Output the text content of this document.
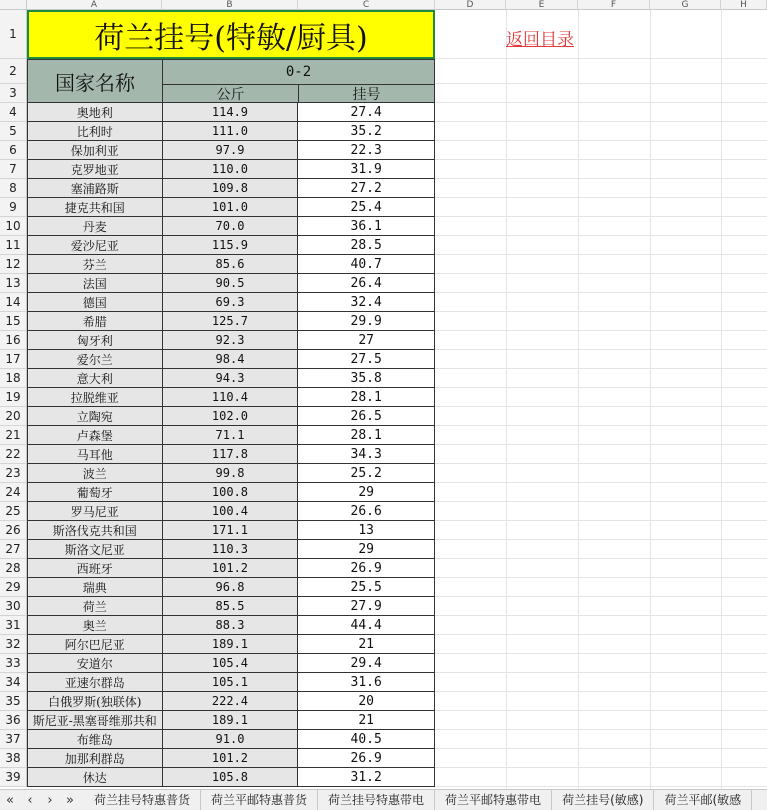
A	B	C	D	E	F	G	H
1
2
3
荷兰挂号(特敏/厨具)	返回目录
国家名称	0-2
公斤	挂号
4	奥地利	114.9	27.4
5	比利时	111.0	35.2
6	保加利亚	97.9	22.3
7	克罗地亚	110.0	31.9
8	塞浦路斯	109.8	27.2
9	捷克共和国	101.0	25.4
10	丹麦	70.0	36.1
11	爱沙尼亚	115.9	28.5
12	芬兰	85.6	40.7
13	法国	90.5	26.4
14	德国	69.3	32.4
15	希腊	125.7	29.9
16	匈牙利	92.3	27
17	爱尔兰	98.4	27.5
18	意大利	94.3	35.8
19	拉脱维亚	110.4	28.1
20	立陶宛	102.0	26.5
21	卢森堡	71.1	28.1
22	马耳他	117.8	34.3
23	波兰	99.8	25.2
24	葡萄牙	100.8	29
25	罗马尼亚	100.4	26.6
26	斯洛伐克共和国	171.1	13
27	斯洛文尼亚	110.3	29
28	西班牙	101.2	26.9
29	瑞典	96.8	25.5
30	荷兰	85.5	27.9
31	奥兰	88.3	44.4
32	阿尔巴尼亚	189.1	21
33	安道尔	105.4	29.4
34	亚速尔群岛	105.1	31.6
35	白俄罗斯(独联体)	222.4	20
36	斯尼亚-黑塞哥维那共和	189.1	21
37	布维岛	91.0	40.5
38	加那利群岛	101.2	26.9
39	休达	105.8	31.2
«	‹	›	»	荷兰挂号特惠普货	荷兰平邮特惠普货	荷兰挂号特惠带电	荷兰平邮特惠带电	荷兰挂号(敏感)	荷兰平邮(敏感
